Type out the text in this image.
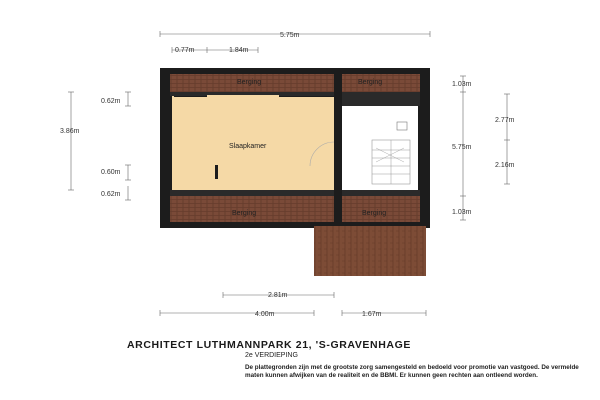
5.75m
0.77m	1.84m
0.62m
3.86m
0.60m
0.62m
1.03m
5.75m
1.03m
2.77m
2.16m
2.81m
4.00m	1.67m
Berging	Berging
Slaapkamer
Berging	Berging
ARCHITECT LUTHMANNPARK 21, 'S-GRAVENHAGE
2e VERDIEPING
De plattegronden zijn met de grootste zorg samengesteld en bedoeld voor promotie van vastgoed. De vermelde maten kunnen afwijken van de realiteit en de BBMI. Er kunnen geen rechten aan ontleend worden.
